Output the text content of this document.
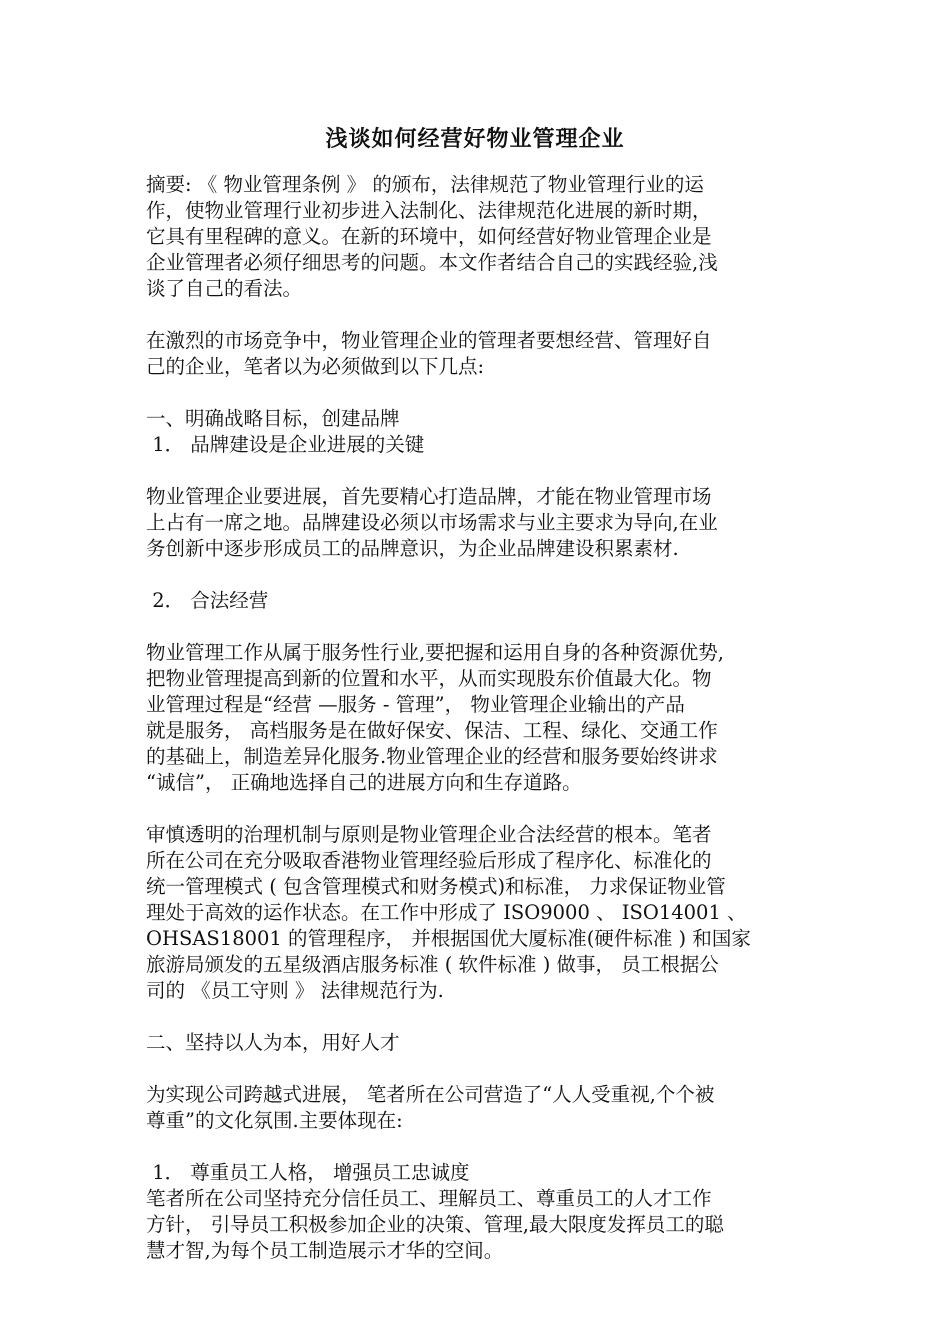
浅谈如何经营好物业管理企业
摘要: 《 物业管理条例 》 的颁布，法律规范了物业管理行业的运
作，使物业管理行业初步进入法制化、法律规范化进展的新时期，
它具有里程碑的意义。在新的环境中，如何经营好物业管理企业是
企业管理者必须仔细思考的问题。本文作者结合自己的实践经验,浅
谈了自己的看法。
在激烈的市场竞争中，物业管理企业的管理者要想经营、管理好自
己的企业，笔者以为必须做到以下几点:
一、明确战略目标，创建品牌
1． 品牌建设是企业进展的关键
物业管理企业要进展，首先要精心打造品牌，才能在物业管理市场
上占有一席之地。品牌建设必须以市场需求与业主要求为导向,在业
务创新中逐步形成员工的品牌意识，为企业品牌建设积累素材.
2． 合法经营
物业管理工作从属于服务性行业,要把握和运用自身的各种资源优势,
把物业管理提高到新的位置和水平，从而实现股东价值最大化。物
业管理过程是“经营 —服务 - 管理”， 物业管理企业输出的产品
就是服务， 高档服务是在做好保安、保洁、工程、绿化、交通工作
的基础上，制造差异化服务.物业管理企业的经营和服务要始终讲求
“诚信”， 正确地选择自己的进展方向和生存道路。
审慎透明的治理机制与原则是物业管理企业合法经营的根本。笔者
所在公司在充分吸取香港物业管理经验后形成了程序化、标准化的
统一管理模式 ( 包含管理模式和财务模式)和标准， 力求保证物业管
理处于高效的运作状态。在工作中形成了 ISO9000 、 ISO14001 、
OHSAS18001 的管理程序， 并根据国优大厦标准(硬件标准 ) 和国家
旅游局颁发的五星级酒店服务标准 ( 软件标准 ) 做事， 员工根据公
司的 《员工守则 》 法律规范行为.
二、坚持以人为本，用好人才
为实现公司跨越式进展， 笔者所在公司营造了“人人受重视,个个被
尊重”的文化氛围.主要体现在:
1． 尊重员工人格， 增强员工忠诚度
笔者所在公司坚持充分信任员工、理解员工、尊重员工的人才工作
方针， 引导员工积极参加企业的决策、管理,最大限度发挥员工的聪
慧才智,为每个员工制造展示才华的空间。
